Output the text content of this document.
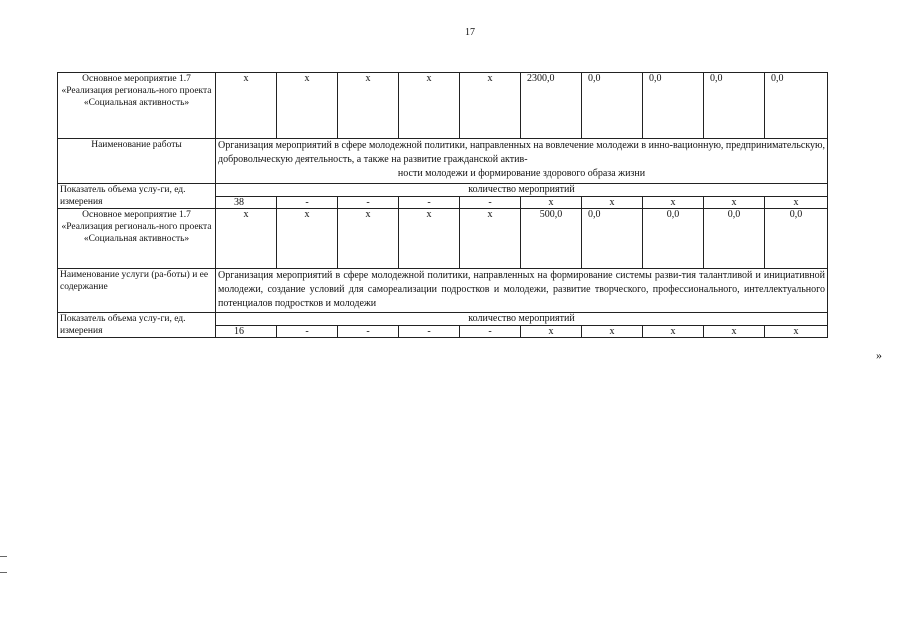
17
Основное мероприятие 1.7 «Реализация региональ-ного проекта «Социальная активность»	х	х	х	х	х	2300,0	0,0	0,0	0,0	0,0
Наименование работы	Организация мероприятий в сфере молодежной политики, направленных на вовлечение молодежи в инно-вационную, предпринимательскую, добровольческую деятельность, а также на развитие гражданской актив-
ности молодежи и формирование здорового образа жизни									

Показатель объема услу-ги, ед. измерения	количество мероприятий									
	38	-	-	-	-	х	х	х	х	х
Основное мероприятие 1.7 «Реализация региональ-ного проекта «Социальная активность»	х	х	х	х	х	500,0	0,0	0,0	0,0	0,0
Наименование услуги (ра-боты) и ее содержание	Организация мероприятий в сфере молодежной политики, направленных на формирование системы разви-тия талантливой и инициативной молодежи, создание условий для самореализации подростков и молодежи, развитие творческого, профессионального, интеллектуального потенциалов подростков и молодежи									
Показатель объема услу-ги, ед. измерения	количество мероприятий									
	16	-	-	-	-	х	х	х	х	х
»
